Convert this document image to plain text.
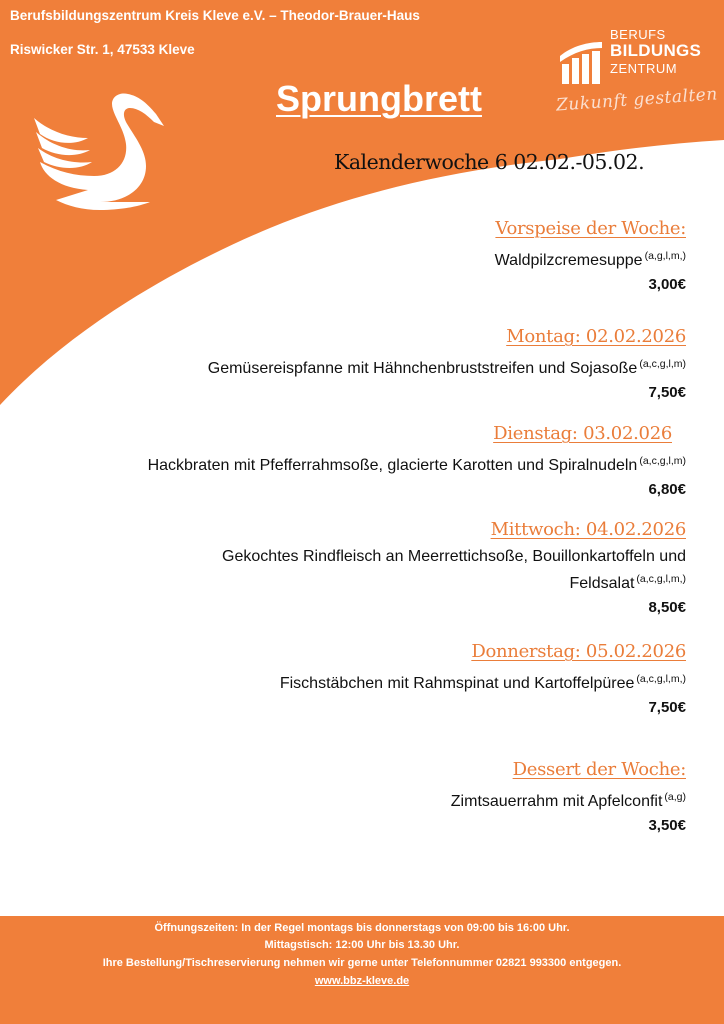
Berufsbildungszentrum Kreis Kleve e.V. – Theodor-Brauer-Haus
Riswicker Str. 1, 47533 Kleve
Sprungbrett
BERUFS
BILDUNGS
ZENTRUM
Zukunft gestalten
Kalenderwoche 6 02.02.-05.02.
Vorspeise der Woche:
Waldpilzcremesuppe $^{(a,g,l,m,)}$
3,00€
Montag: 02.02.2026
Gemüsereispfanne mit Hähnchenbruststreifen und Sojasoße $^{(a,c,g,l,m)}$
7,50€
Dienstag: 03.02.026
Hackbraten mit Pfefferrahmsoße, glacierte Karotten und Spiralnudeln $^{(a,c,g,l,m)}$
6,80€
Mittwoch: 04.02.2026
Gekochtes Rindfleisch an Meerrettichsoße, Bouillonkartoffeln und
Feldsalat $^{(a,c,g,l,m,)}$
8,50€
Donnerstag: 05.02.2026
Fischstäbchen mit Rahmspinat und Kartoffelpüree $^{(a,c,g,l,m,)}$
7,50€
Dessert der Woche:
Zimtsauerrahm mit Apfelconfit $^{(a,g)}$
3,50€
Öffnungszeiten: In der Regel montags bis donnerstags von 09:00 bis 16:00 Uhr.
Mittagstisch: 12:00 Uhr bis 13.30 Uhr.
Ihre Bestellung/Tischreservierung nehmen wir gerne unter Telefonnummer 02821 993300 entgegen.
www.bbz-kleve.de
